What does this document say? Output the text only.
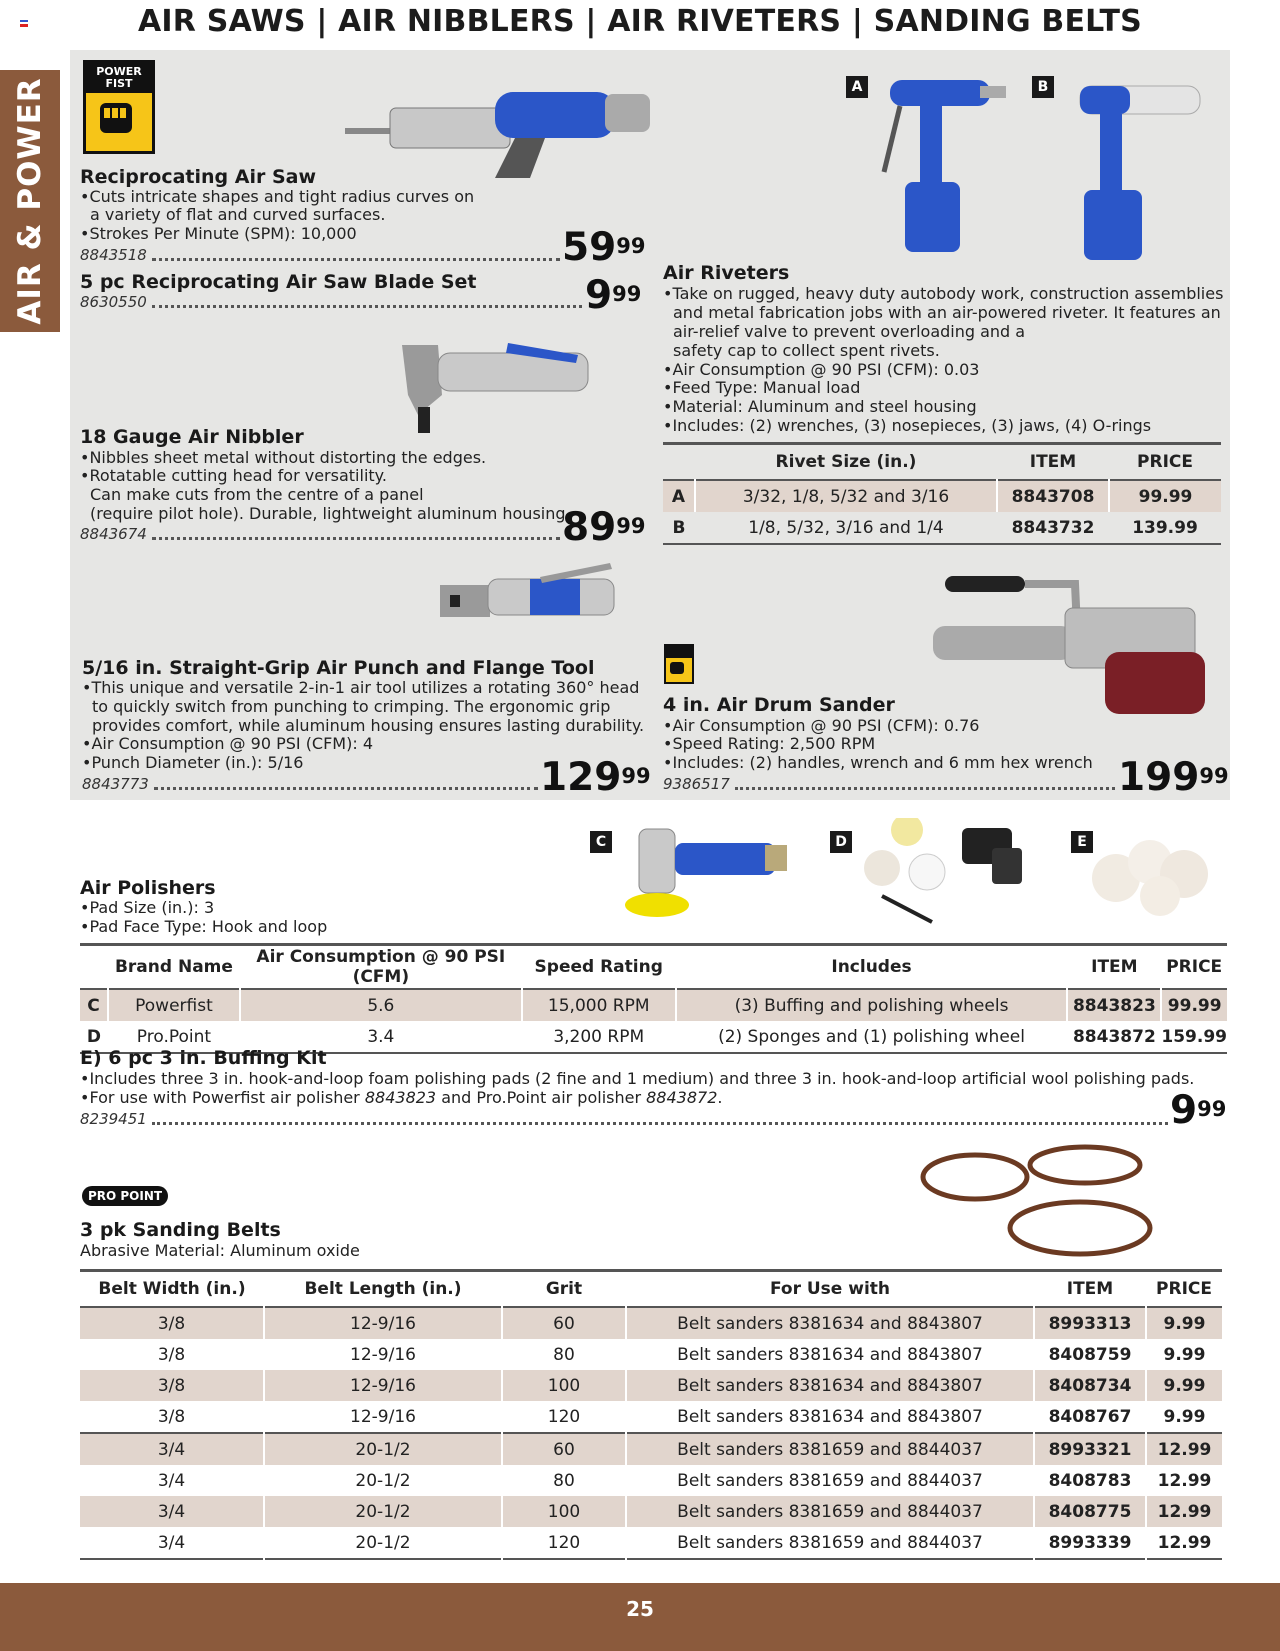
AIR SAWS | AIR NIBBLERS | AIR RIVETERS | SANDING BELTS
AIR & POWER
POWER
FIST
Reciprocating Air Saw
•Cuts intricate shapes and tight radius curves on
a variety of flat and curved surfaces.
•Strokes Per Minute (SPM): 10,000
8843518	$59^{99}$
5 pc Reciprocating Air Saw Blade Set
8630550	$9^{99}$
18 Gauge Air Nibbler
•Nibbles sheet metal without distorting the edges.
•Rotatable cutting head for versatility.
Can make cuts from the centre of a panel
(require pilot hole). Durable, lightweight aluminum housing.
8843674	$89^{99}$
5/16 in. Straight-Grip Air Punch and Flange Tool
•This unique and versatile 2-in-1 air tool utilizes a rotating 360° head
to quickly switch from punching to crimping. The ergonomic grip
provides comfort, while aluminum housing ensures lasting durability.
•Air Consumption @ 90 PSI (CFM): 4
•Punch Diameter (in.): 5/16
8843773	$129^{99}$
A	B
Air Riveters
•Take on rugged, heavy duty autobody work, construction assemblies
and metal fabrication jobs with an air-powered riveter. It features an
air-relief valve to prevent overloading and a
safety cap to collect spent rivets.
•Air Consumption @ 90 PSI (CFM): 0.03
•Feed Type: Manual load
•Material: Aluminum and steel housing
•Includes: (2) wrenches, (3) nosepieces, (3) jaws, (4) O-rings
	Rivet Size (in.)	ITEM	PRICE
A	3/32, 1/8, 5/32 and 3/16	8843708	99.99
B	1/8, 5/32, 3/16 and 1/4	8843732	139.99
4 in. Air Drum Sander
•Air Consumption @ 90 PSI (CFM): 0.76
•Speed Rating: 2,500 RPM
•Includes: (2) handles, wrench and 6 mm hex wrench
9386517	$199^{99}$
C	D	E
Air Polishers
•Pad Size (in.): 3
•Pad Face Type: Hook and loop
	Brand Name	Air Consumption @ 90 PSI (CFM)	Speed Rating	Includes	ITEM	PRICE
C	Powerfist	5.6	15,000 RPM	(3) Buffing and polishing wheels	8843823	99.99
D	Pro.Point	3.4	3,200 RPM	(2) Sponges and (1) polishing wheel	8843872	159.99
E) 6 pc 3 in. Buffing Kit
•Includes three 3 in. hook-and-loop foam polishing pads (2 fine and 1 medium) and three 3 in. hook-and-loop artificial wool polishing pads.
•For use with Powerfist air polisher 8843823 and Pro.Point air polisher 8843872.
8239451	$9^{99}$
PRO POINT
3 pk Sanding Belts
Abrasive Material: Aluminum oxide
Belt Width (in.)	Belt Length (in.)	Grit	For Use with	ITEM	PRICE
3/8	12-9/16	60	Belt sanders 8381634 and 8843807	8993313	9.99
3/8	12-9/16	80	Belt sanders 8381634 and 8843807	8408759	9.99
3/8	12-9/16	100	Belt sanders 8381634 and 8843807	8408734	9.99
3/8	12-9/16	120	Belt sanders 8381634 and 8843807	8408767	9.99
3/4	20-1/2	60	Belt sanders 8381659 and 8844037	8993321	12.99
3/4	20-1/2	80	Belt sanders 8381659 and 8844037	8408783	12.99
3/4	20-1/2	100	Belt sanders 8381659 and 8844037	8408775	12.99
3/4	20-1/2	120	Belt sanders 8381659 and 8844037	8993339	12.99
25
